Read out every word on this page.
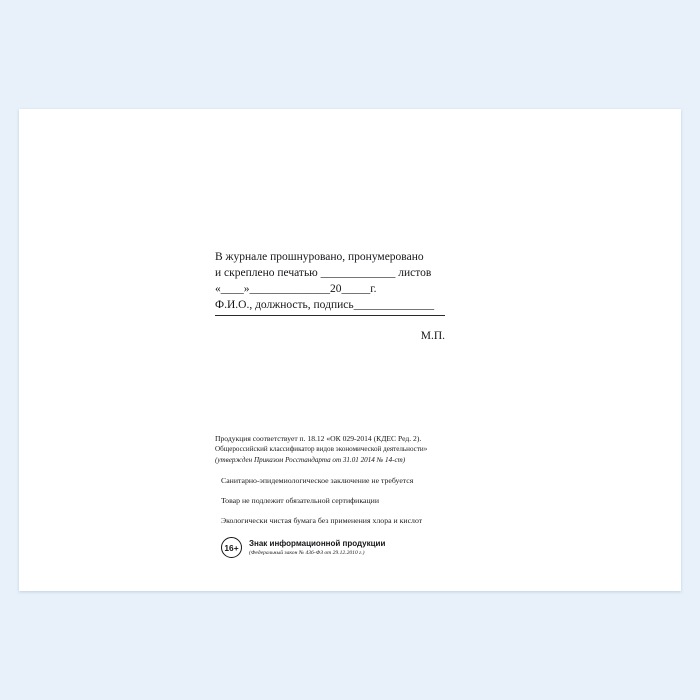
В журнале прошнуровано, пронумеровано
и скреплено печатью _____________ листов
«____»______________20_____г.
Ф.И.О., должность, подпись______________
М.П.
Продукция соответствует п. 18.12 «ОК 029-2014 (КДЕС Ред. 2).
Общероссийский классификатор видов экономической деятельности»
(утвержден Приказом Росстандарта от 31.01 2014 № 14-ст)
Санитарно-эпидемиологическое заключение не требуется
Товар не подлежит обязательной сертификации
Экологически чистая бумага без применения хлора и кислот
16+	Знак информационной продукции
(Федеральный закон № 436-ФЗ от 29.12.2010 г.)
